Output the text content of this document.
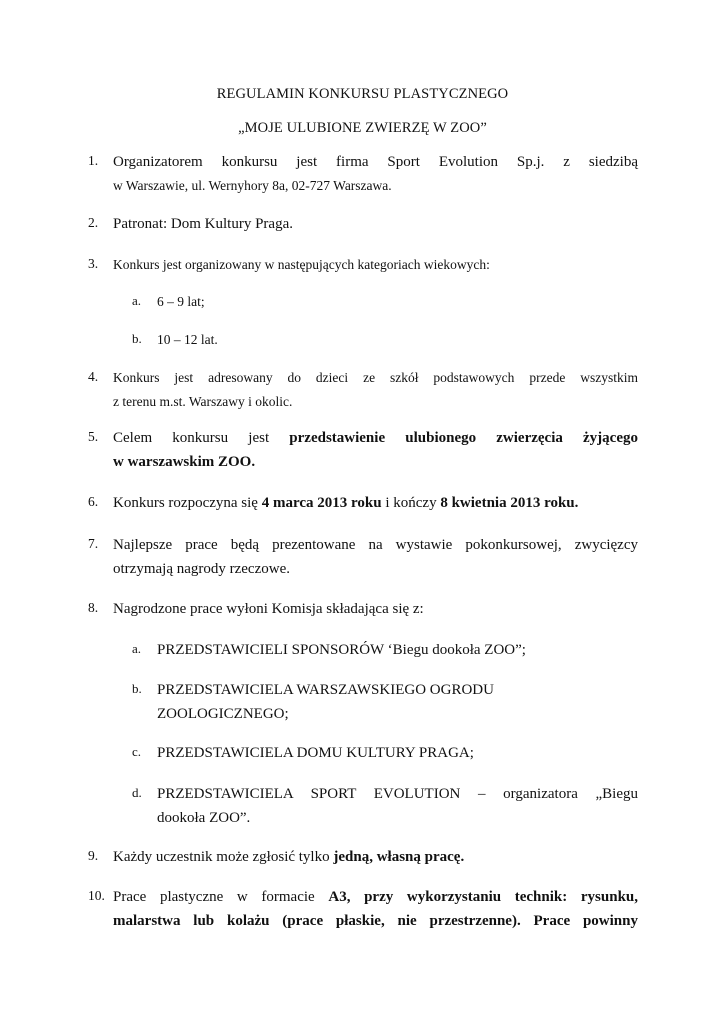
REGULAMIN KONKURSU PLASTYCZNEGO
„MOJE ULUBIONE ZWIERZĘ W ZOO”
1. Organizatorem konkursu jest firma Sport Evolution Sp.j. z siedzibą
w Warszawie, ul. Wernyhory 8a, 02-727 Warszawa.
2. Patronat: Dom Kultury Praga.
3.	Konkurs jest organizowany w następujących kategoriach wiekowych:
a.	6 – 9 lat;
b.	10 – 12 lat.
4.	Konkurs jest adresowany do dzieci ze szkół podstawowych przede wszystkim
z terenu m.st. Warszawy i okolic.
5. Celem konkursu jest przedstawienie ulubionego zwierzęcia żyjącego
w warszawskim ZOO.
6. Konkurs rozpoczyna się 4 marca 2013 roku i kończy 8 kwietnia 2013 roku.
7. Najlepsze prace będą prezentowane na wystawie pokonkursowej, zwycięzcy
otrzymają nagrody rzeczowe.
8. Nagrodzone prace wyłoni Komisja składająca się z:
a.	PRZEDSTAWICIELI SPONSORÓW ‘Biegu dookoła ZOO”;
b.	PRZEDSTAWICIELA WARSZAWSKIEGO OGRODU
ZOOLOGICZNEGO;
c.	PRZEDSTAWICIELA DOMU KULTURY PRAGA;
d.	PRZEDSTAWICIELA SPORT EVOLUTION – organizatora „Biegu
dookoła ZOO”.
9. Każdy uczestnik może zgłosić tylko jedną, własną pracę.
10. Prace plastyczne w formacie A3, przy wykorzystaniu technik: rysunku,
malarstwa lub kolażu (prace płaskie, nie przestrzenne). Prace powinny
